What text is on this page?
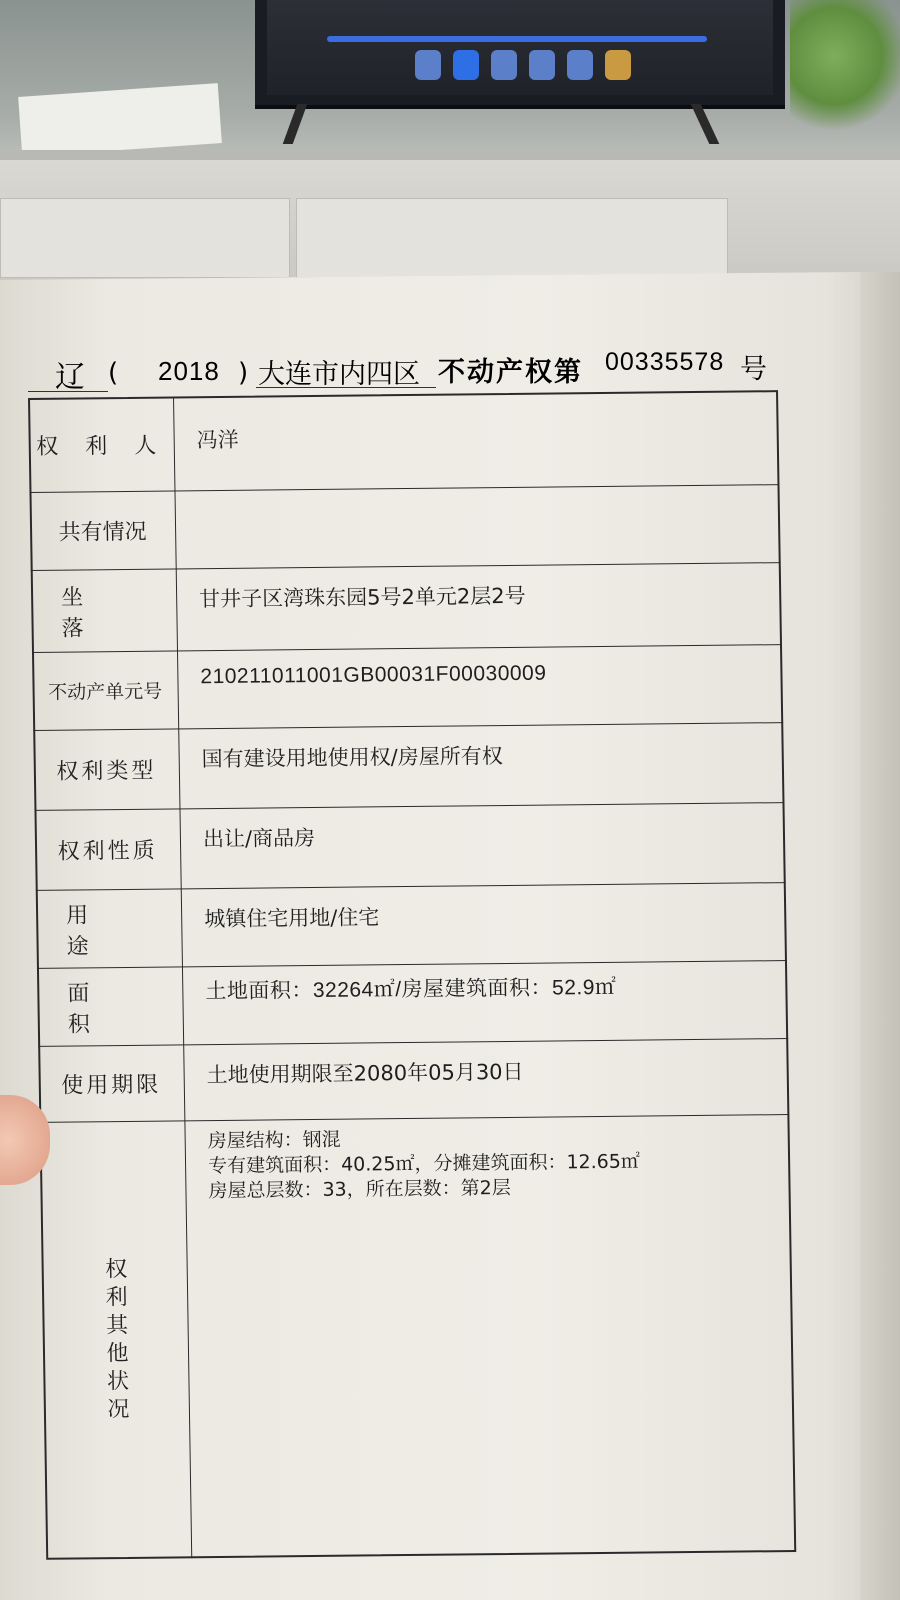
辽 ( 2018 ) 大连市内四区 不动产权第 00335578 号
权 利 人	冯洋
共有情况
坐 落
甘井子区湾珠东园5号2单元2层2号
不动产单元号
210211011001GB00031F00030009
权利类型
国有建设用地使用权/房屋所有权
权利性质
出让/商品房
用 途
城镇住宅用地/住宅
面 积
土地面积：32264㎡/房屋建筑面积：52.9㎡
使用期限	土地使用期限至2080年05月30日
权利其他状况
房屋结构：钢混
专有建筑面积：40.25㎡，分摊建筑面积：12.65㎡
房屋总层数：33，所在层数：第2层
